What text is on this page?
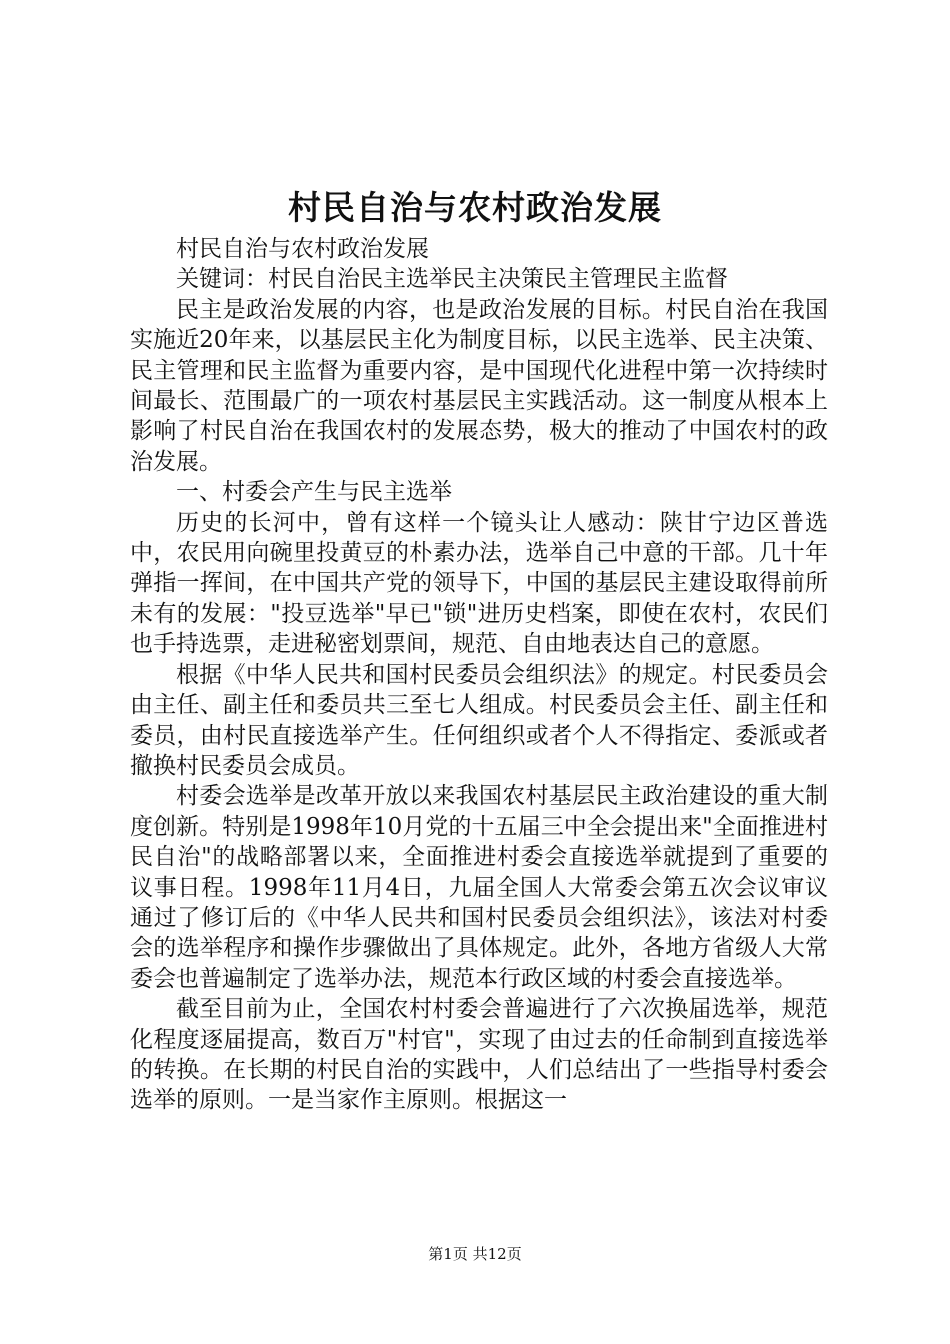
村民自治与农村政治发展

村民自治与农村政治发展

关键词：村民自治民主选举民主决策民主管理民主监督

民主是政治发展的内容，也是政治发展的目标。村民自治在我国实施近20年来，以基层民主化为制度目标，以民主选举、民主决策、民主管理和民主监督为重要内容，是中国现代化进程中第一次持续时间最长、范围最广的一项农村基层民主实践活动。这一制度从根本上影响了村民自治在我国农村的发展态势，极大的推动了中国农村的政治发展。

一、村委会产生与民主选举

历史的长河中，曾有这样一个镜头让人感动：陕甘宁边区普选中，农民用向碗里投黄豆的朴素办法，选举自己中意的干部。几十年弹指一挥间，在中国共产党的领导下，中国的基层民主建设取得前所未有的发展："投豆选举"早已"锁"进历史档案，即使在农村，农民们也手持选票，走进秘密划票间，规范、自由地表达自己的意愿。

根据《中华人民共和国村民委员会组织法》的规定。村民委员会由主任、副主任和委员共三至七人组成。村民委员会主任、副主任和委员，由村民直接选举产生。任何组织或者个人不得指定、委派或者撤换村民委员会成员。

村委会选举是改革开放以来我国农村基层民主政治建设的重大制度创新。特别是1998年10月党的十五届三中全会提出来"全面推进村民自治"的战略部署以来，全面推进村委会直接选举就提到了重要的议事日程。1998年11月4日，九届全国人大常委会第五次会议审议通过了修订后的《中华人民共和国村民委员会组织法》，该法对村委会的选举程序和操作步骤做出了具体规定。此外，各地方省级人大常委会也普遍制定了选举办法，规范本行政区域的村委会直接选举。

截至目前为止，全国农村村委会普遍进行了六次换届选举，规范化程度逐届提高，数百万"村官"，实现了由过去的任命制到直接选举的转换。在长期的村民自治的实践中，人们总结出了一些指导村委会选举的原则。一是当家作主原则。根据这一

第1页 共12页
